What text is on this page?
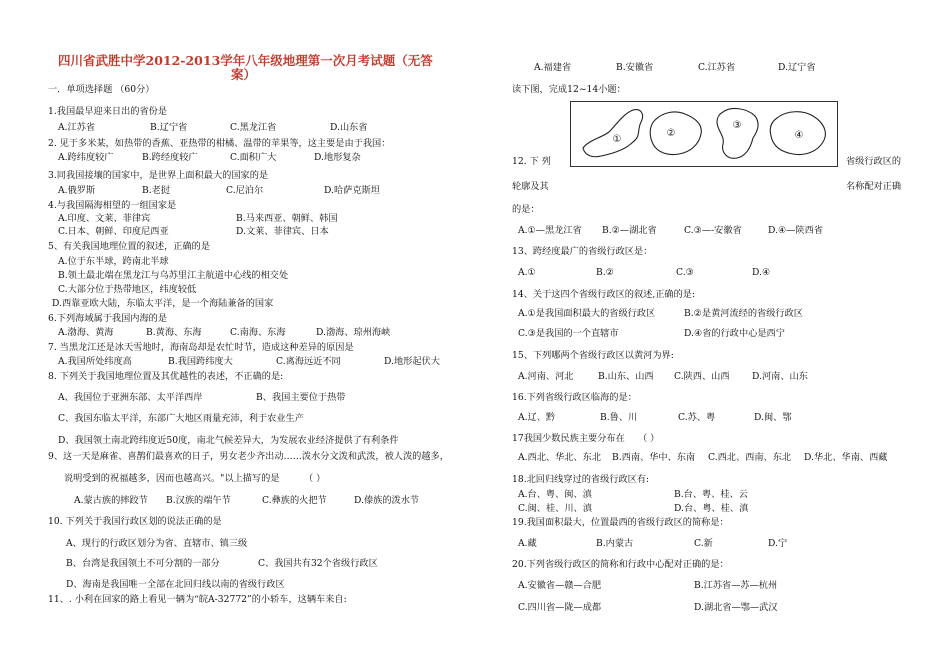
四川省武胜中学2012-2013学年八年级地理第一次月考试题（无答
案）
一．单项选择题 （60分）
1.我国最早迎来日出的省份是
A.江苏省	B.辽宁省	C.黑龙江省	D.山东省
2. 见于多米某，如热带的香蕉、亚热带的柑橘、温带的苹果等，这主要是由于我国：
A.跨纬度较广	B.跨经度较广	C.面积广大	D.地形复杂
3.同我国接壤的国家中，是世界上面积最大的国家的是
A.俄罗斯	B.老挝	C.尼泊尔	D.哈萨克斯坦
4.与我国隔海相望的一组国家是
A.印度、文莱、菲律宾	B.马来西亚、朝鲜、韩国
C.日本、朝鲜、印度尼西亚	D.文莱、菲律宾、日本
5、有关我国地理位置的叙述，正确的是
A.位于东半球，跨南北半球
B.领土最北端在黑龙江与乌苏里江主航道中心线的相交处
C.大部分位于热带地区，纬度较低
D.西靠亚欧大陆，东临太平洋，是一个海陆兼备的国家
6.下列海域属于我国内海的是
A.渤海、黄海	B.黄海、东海	C.南海、东海	D.渤海、琼州海峡
7. 当黑龙江还是冰天雪地时，海南岛却是农忙时节，造成这种差异的原因是
A.我国所处纬度高	B.我国跨纬度大	C.离海远近不同	D.地形起伏大
8. 下列关于我国地理位置及其优越性的表述，不正确的是:
A、我国位于亚洲东部、太平洋西岸	B、我国主要位于热带
C、我国东临太平洋，东部广大地区雨量充沛，利于农业生产
D、我国领土南北跨纬度近50度，南北气候差异大，为发展农业经济提供了有利条件
9、这一天是麻雀、喜鹊们最喜欢的日子，男女老少齐出动……泼水分文泼和武泼，被人泼的越多，
说明受到的祝福越多，因而也越高兴。"以上描写的是	（ ）
A.蒙古族的摔跤节 B.汉族的端午节	C.彝族的火把节	D.傣族的泼水节
10. 下列关于我国行政区划的说法正确的是
A、现行的行政区划分为省、直辖市、镇三级
B、台湾是我国领土不可分割的一部分	C、我国共有32个省级行政区
D、海南是我国唯一全部在北回归线以南的省级行政区
11、. 小利在回家的路上看见一辆为“皖A-32772”的小轿车，这辆车来自:
A.福建省	B.安徽省	C.江苏省	D.辽宁省
读下图，完成12~14小题：
①
②
③
④
12. 下 列	省级行政区的
轮廓及其	名称配对正确
的是：
A.①—黑龙江省 B.②—湖北省	C.③—-安徽省	D.④—陕西省
13、跨经度最广的省级行政区是：
A.①	B.②	C.③	D.④
14、关于这四个省级行政区的叙述,正确的是:
A.①是我国面积最大的省级行政区	B.②是黄河流经的省级行政区
C.③是我国的一个直辖市	D.④省的行政中心是西宁
15、下列哪两个省级行政区以黄河为界:
A.河南、河北	B.山东、山西 C.陕西、山西 D.河南、山东
16.下列省级行政区临海的是：
A.辽、黔	B.鲁、川	C.苏、粤	D.闽、鄂
17我国少数民族主要分布在 （ ）
A.西北、华北、东北 B.西南、华中、东南 C.西北、西南、东北 D.华北、华南、西藏
18.北回归线穿过的省级行政区有:
A.台、粤、闽、滇	B.台、粤、桂、云
C.闽、桂、川、滇	D.台、粤、桂、滇
19.我国面积最大，位置最西的省级行政区的简称是：
A.藏	B.内蒙古	C.新	D.宁
20.下列省级行政区的简称和行政中心配对正确的是：
A.安徽省—赣—合肥	B.江苏省—苏—杭州
C.四川省—陇—成都	D.湖北省—鄂—武汉
